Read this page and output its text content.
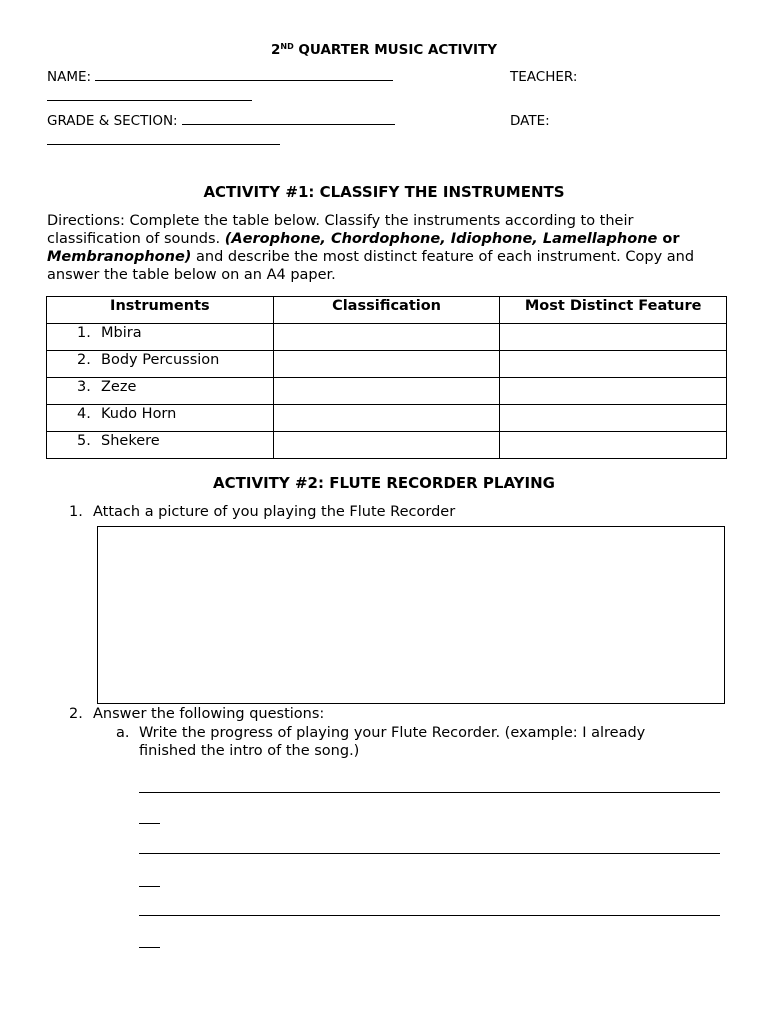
2ND QUARTER MUSIC ACTIVITY
NAME:	TEACHER:
GRADE & SECTION:	DATE:
ACTIVITY #1: CLASSIFY THE INSTRUMENTS
Directions: Complete the table below. Classify the instruments according to their classification of sounds. (Aerophone, Chordophone, Idiophone, Lamellaphone or Membranophone) and describe the most distinct feature of each instrument. Copy and answer the table below on an A4 paper.
Instruments	Classification	Most Distinct Feature
1. Mbira		
2. Body Percussion		
3. Zeze		
4. Kudo Horn		
5. Shekere		
ACTIVITY #2: FLUTE RECORDER PLAYING
1. Attach a picture of you playing the Flute Recorder
2. Answer the following questions:
a. Write the progress of playing your Flute Recorder. (example: I already
finished the intro of the song.)
